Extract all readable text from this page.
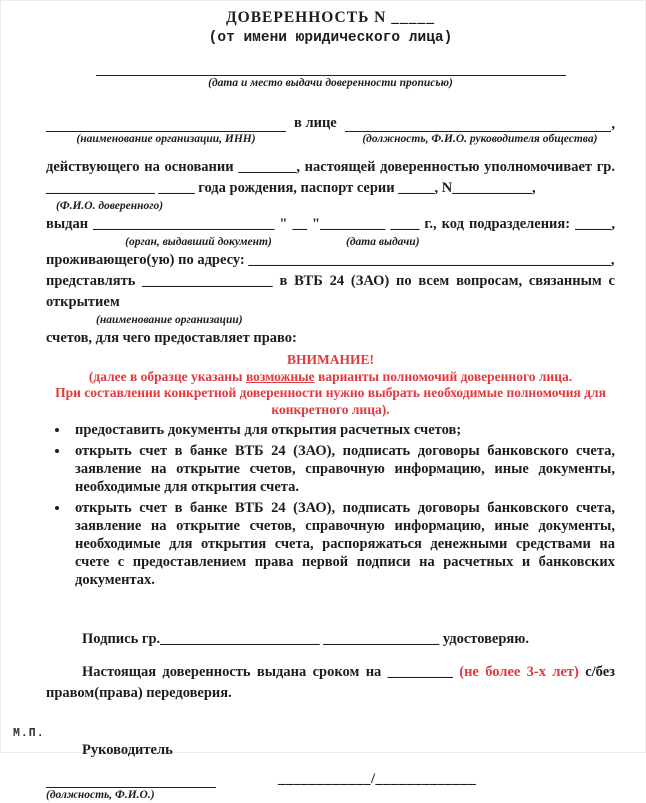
ДОВЕРЕННОСТЬ N _____
(от имени юридического лица)
(дата и место выдачи доверенности прописью)
(наименование организации, ИНН)
в лице	,
(должность, Ф.И.О. руководителя общества)
действующего на основании ________, настоящей доверенностью уполномочивает гр.
_______________ _____ года рождения, паспорт серии _____, N___________,
(Ф.И.О. доверенного)
выдан _________________________ " __ "_________ ____ г., код подразделения: _____,
(орган, выдавший документ)	(дата выдачи)
проживающего(ую) по адресу: __________________________________________________,
представлять __________________ в ВТБ 24 (ЗАО) по всем вопросам, связанным с открытием
(наименование организации)
счетов, для чего предоставляет право:
ВНИМАНИЕ!
(далее в образце указаны возможные варианты полномочий доверенного лица.
При составлении конкретной доверенности нужно выбрать необходимые полномочия для конкретного лица).
• предоставить документы для открытия расчетных счетов;
• открыть счет в банке ВТБ 24 (ЗАО), подписать договоры банковского счета, заявление на открытие счетов, справочную информацию, иные документы, необходимые для открытия счета.
• открыть счет в банке ВТБ 24 (ЗАО), подписать договоры банковского счета, заявление на открытие счетов, справочную информацию, иные документы, необходимые для открытия счета, распоряжаться денежными средствами на счете с предоставлением права первой подписи на расчетных и банковских документах.
Подпись гр.______________________ ________________ удостоверяю.
Настоящая доверенность выдана сроком на _________ (не более 3-х лет) с/без правом(права) передоверия.
Руководитель
(должность, Ф.И.О.)
____________/_____________
М.П.
